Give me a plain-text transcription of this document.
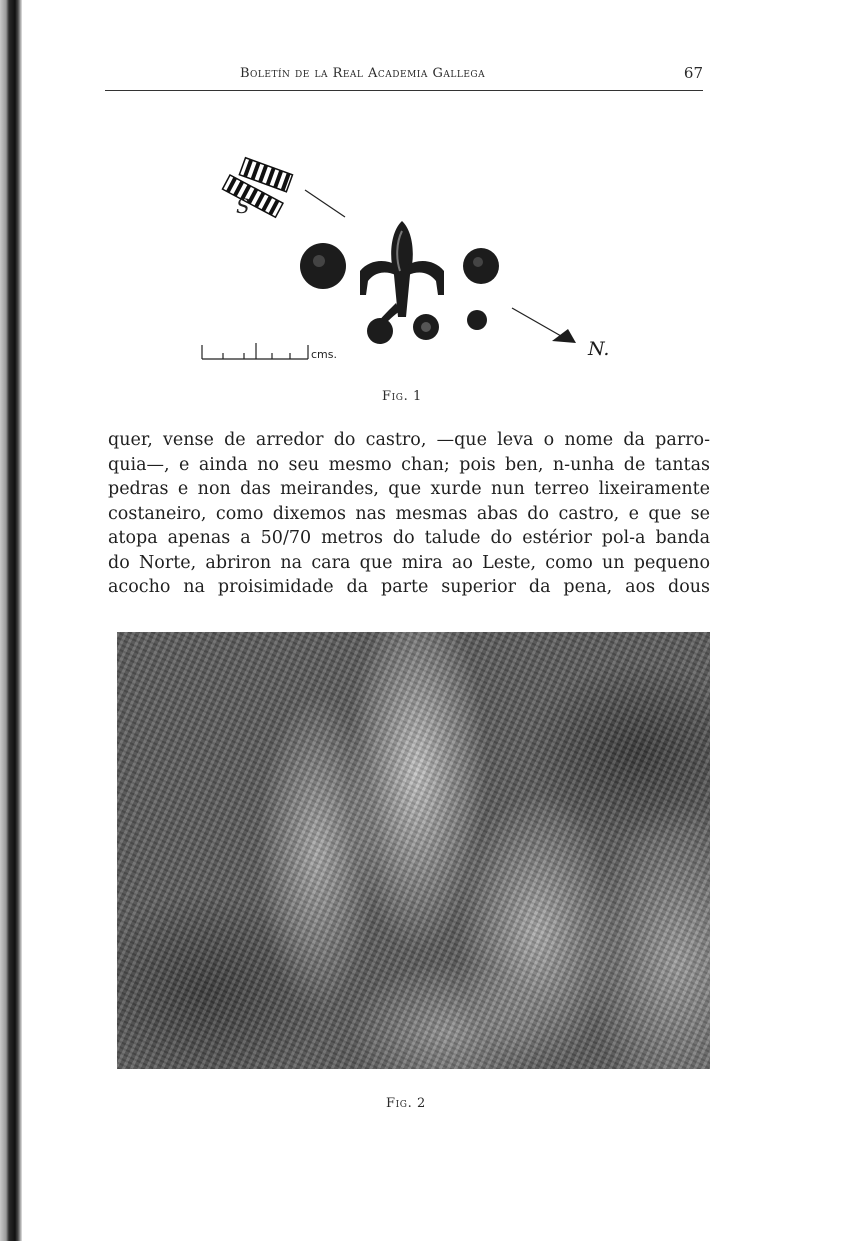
Boletín de la Real Academia Gallega	67
S
cms.	N.
Fig. 1
quer, vense de arredor do castro, —que leva o nome da parro-
quia—, e ainda no seu mesmo chan; pois ben, n-unha de tantas
pedras e non das meirandes, que xurde nun terreo lixeiramente
costaneiro, como dixemos nas mesmas abas do castro, e que se
atopa apenas a 50/70 metros do talude do estérior pol-a banda
do Norte, abriron na cara que mira ao Leste, como un pequeno
acocho na proisimidade da parte superior da pena, aos dous
Fig. 2
